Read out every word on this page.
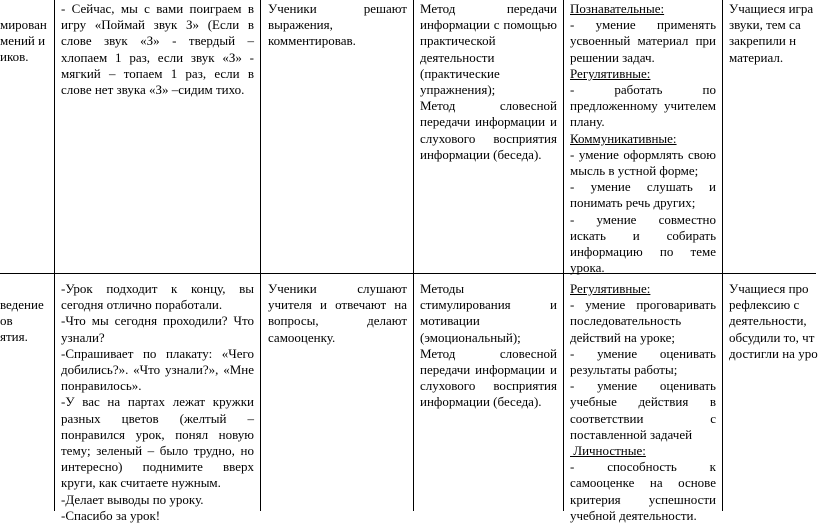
мирован
мений и
иков.

- Сейчас, мы с вами поиграем в игру «Поймай звук З» (Если в слове звук «З» - твердый – хлопаем 1 раз, если звук «З» - мягкий – топаем 1 раз, если в слове нет звука «З» –сидим тихо.

Ученики решают выражения, комментировав.

Метод передачи информации с помощью практической деятельности (практические упражнения);

Метод словесной передачи информации и слухового восприятия информации (беседа).

Познавательные:

- умение применять усвоенный материал при решении задач.

Регулятивные:

- работать по предложенному учителем плану.

Коммуникативные:

- умение оформлять свою мысль в устной форме;

- умение слушать и понимать речь других;

- умение совместно искать и собирать информацию по теме урока.

Учащиеся игра
звуки, тем са
закрепили н
материал.
ведение
ов
ятия.

-Урок подходит к концу, вы сегодня отлично поработали.

-Что мы сегодня проходили? Что узнали?

-Спрашивает по плакату: «Чего добились?». «Что узнали?», «Мне понравилось».

-У вас на партах лежат кружки разных цветов (желтый – понравился урок, понял новую тему; зеленый – было трудно, но интересно) поднимите вверх круги, как считаете нужным.

-Делает выводы по уроку.

-Спасибо за урок!

Ученики слушают учителя и отвечают на вопросы, делают самооценку.

Методы стимулирования и мотивации (эмоциональный);

Метод словесной передачи информации и слухового восприятия информации (беседа).

Регулятивные:

- умение проговаривать последовательность действий на уроке;

- умение оценивать результаты работы;

- умение оценивать учебные действия в соответствии с поставленной задачей

Личностные:

- способность к самооценке на основе критерия успешности учебной деятельности.

Учащиеся про
рефлексию с
деятельности,
обсудили то, чт
достигли на уро
